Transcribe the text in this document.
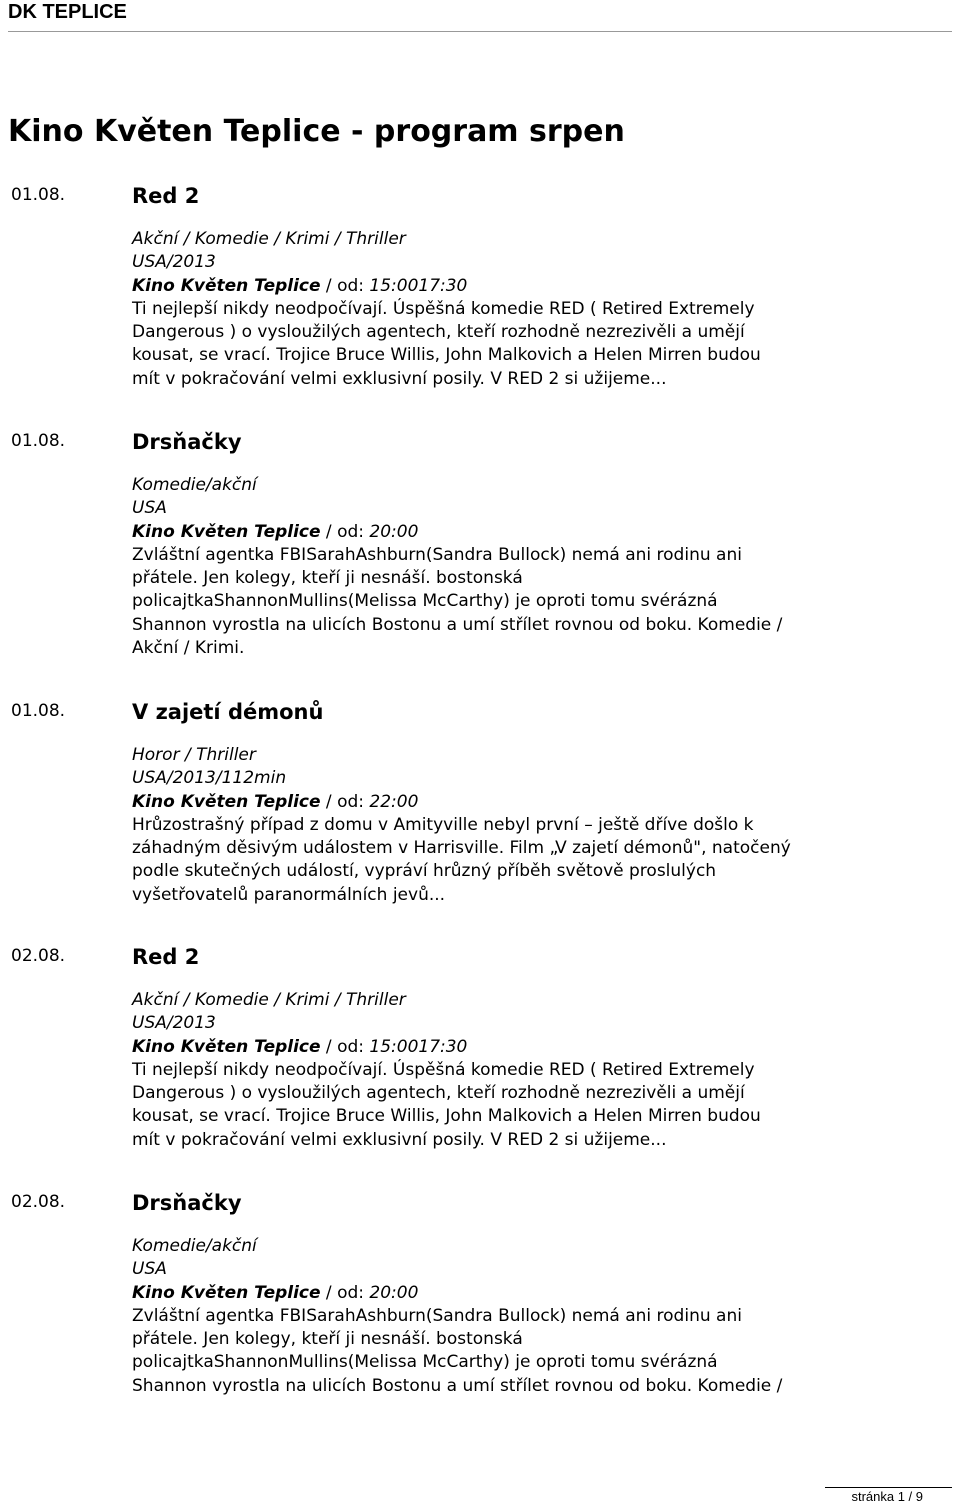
DK TEPLICE
Kino Květen Teplice - program srpen
01.08.	Red 2
Akční / Komedie / Krimi / Thriller
USA/2013
Kino Květen Teplice / od: 15:0017:30
Ti nejlepší nikdy neodpočívají. Úspěšná komedie RED ( Retired Extremely
Dangerous ) o vysloužilých agentech, kteří rozhodně nezrezivěli a umějí
kousat, se vrací. Trojice Bruce Willis, John Malkovich a Helen Mirren budou
mít v pokračování velmi exklusivní posily. V RED 2 si užijeme...
01.08.	Drsňačky
Komedie/akční
USA
Kino Květen Teplice / od: 20:00
Zvláštní agentka FBISarahAshburn(Sandra Bullock) nemá ani rodinu ani
přátele. Jen kolegy, kteří ji nesnáší. bostonská
policajtkaShannonMullins(Melissa McCarthy) je oproti tomu svérázná
Shannon vyrostla na ulicích Bostonu a umí střílet rovnou od boku. Komedie /
Akční / Krimi.
01.08.	V zajetí démonů
Horor / Thriller
USA/2013/112min
Kino Květen Teplice / od: 22:00
Hrůzostrašný případ z domu v Amityville nebyl první – ještě dříve došlo k
záhadným děsivým událostem v Harrisville. Film „V zajetí démonů", natočený
podle skutečných událostí, vypráví hrůzný příběh světově proslulých
vyšetřovatelů paranormálních jevů...
02.08.	Red 2
Akční / Komedie / Krimi / Thriller
USA/2013
Kino Květen Teplice / od: 15:0017:30
Ti nejlepší nikdy neodpočívají. Úspěšná komedie RED ( Retired Extremely
Dangerous ) o vysloužilých agentech, kteří rozhodně nezrezivěli a umějí
kousat, se vrací. Trojice Bruce Willis, John Malkovich a Helen Mirren budou
mít v pokračování velmi exklusivní posily. V RED 2 si užijeme...
02.08.	Drsňačky
Komedie/akční
USA
Kino Květen Teplice / od: 20:00
Zvláštní agentka FBISarahAshburn(Sandra Bullock) nemá ani rodinu ani
přátele. Jen kolegy, kteří ji nesnáší. bostonská
policajtkaShannonMullins(Melissa McCarthy) je oproti tomu svérázná
Shannon vyrostla na ulicích Bostonu a umí střílet rovnou od boku. Komedie /
stránka 1 / 9
